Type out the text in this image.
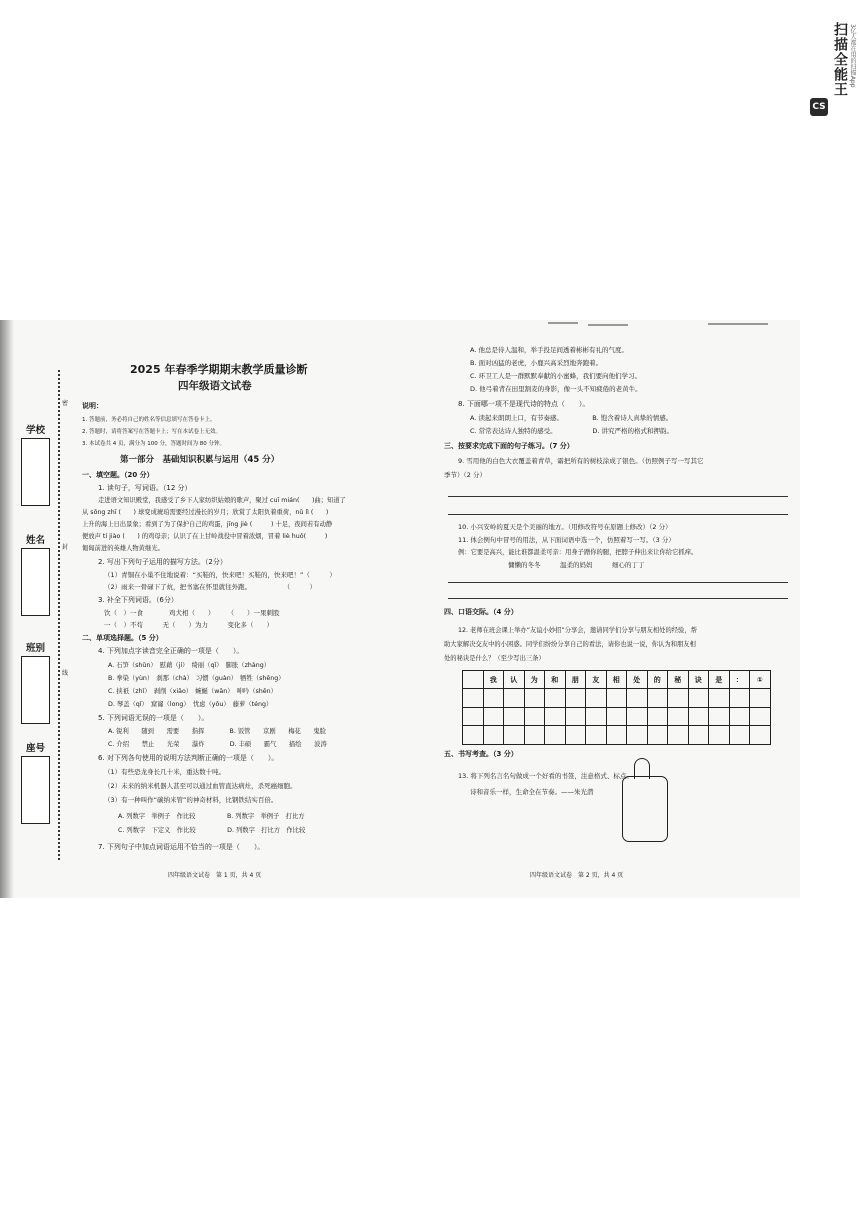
CS
扫描全能王 3亿人都在用的扫描App
密
封
线
学校
姓名
班别
座号
2025 年春季学期期末教学质量诊断
四年级语文试卷
说明：
1. 答题前，务必将自己的姓名等信息填写在答卷卡上。
2. 答题时，请将答案写在答题卡上；写在本试卷上无效。
3. 本试卷共 4 页，满分为 100 分，答题时间为 80 分钟。
第一部分　基础知识积累与运用（45 分）
一、填空题。（20 分）
1. 读句子，写词语。（12 分）
走进语文知识殿堂，我感受了乡下人家纺织姑娘的歌声，聚过 cuī mián(　　)曲；知道了
从 sōng zhī (　　) 球变成琥珀需要经过漫长的岁月；欣赏了太阳负着重荷，nǔ lì (　　)
上升的海上日出景象；看到了为了保护自己的鸡蛋，jīng jiè (　　　) 十足，夜间若有动静
便放声 tí jiào (　　) 的鸡母亲；认识了在上甘岭战役中冒着浓烟，冒着 liè huǒ(　　　)
匍匐前进的英雄人物黄继光。
2. 写出下列句子运用的描写方法。（2分）
（1）青铜在小巢不住地说着：“买鞋的，快来吧！买鞋的，快来吧！”（　　　）
（2）雨来一骨碌下了炕，把书塞在怀里就往外跑。　　　　　　（　　　）
3. 补全下列词语。（6分）
饮（　）⼀食　　　　鸡犬相（　　）　　　（　　）⼀果刺股
⼀（　）不苟　　　无（　　）为力　　　变化多（　　）
二、单项选择题。（5 分）
4. 下列加点字读音完全正确的一项是（　　）。
A. 石笋（shǔn）　慰藉（jí）　绮丽（qǐ）　膨胀（zhàng）
B. 拳染（yùn）　刹那（chà）　习惯（guàn）　牺牲（shēng）
C. 挟祇（zhǐ）　剥削（xiāo）　蜿蜒（wān）　呻吟（shēn）
D. 琴盖（qǐ）　窟窿（long）　忧虑（yōu）　藤萝（téng）
5. 下列词语无误的一项是（　　）。
A. 锐利　　随到　　需要　　指挥　　　　B. 饭管　　京剧　　梅花　　鬼脸
C. 介绍　　禁止　　光荣　　瀑炸　　　　D. 丰硕　　霸气　　描绘　　波涛
6. 对下列各句使用的说明方法判断正确的一项是（　　）。
（1）有些恐龙身长几十米，重达数十吨。
（2）未来的纳米机器人甚至可以通过血管直达病灶，杀死癌细胞。
（3）有一种叫作“碳纳米管”的神奇材料，比钢铁结实百倍。
A. 列数字　举例子　作比较　　　　　B. 列数字　举例子　打比方
C. 列数字　下定义　作比较　　　　　D. 列数字　打比方　作比较
7. 下列句子中加点词语运用不恰当的一项是（　　）。
四年级语文试卷　第 1 页，共 4 页
A. 他总是待人温和，举手投足间透着彬彬有礼的气度。
B. 面对凶猛的老虎，小鹿兴高采烈地奔跑着。
C. 环卫工人是一群默默奉献的小蜜蜂，我们要向他们学习。
D. 他弓着背在田里割麦的身影，像一头不知疲倦的老黄牛。
8. 下面哪一项不是现代诗的特点（　　）。
A. 读起来朗朗上口，有节奏感。　　　　　B. 饱含着诗人真挚的情感。
C. 常常表达诗人独特的感受。　　　　　　D. 讲究严格的格式和押韵。
三、按要求完成下面的句子练习。（7 分）
9. 雪用他的白色大衣覆盖着青草，霜把所有的树枝涂成了银色。（仿照例子写一写其它
季节）（2 分）
10. 小兴安岭的夏天是个美丽的地方。（用修改符号在原题上修改）（2 分）
11. 体会例句中冒号的用法，从下面词语中选一个，仿照着写一写。（3 分）
例：它要是高兴，能比谁都温柔可亲：用身子蹭你的腿，把脖子伸出来让你给它抓痒。
慵懒的冬冬　　　温柔的妈妈　　　细心的丁丁
四、口语交际。（4 分）
12. 老师在班会课上举办“友谊小妙招”分享会，邀请同学们分享与朋友相处的经验，帮
助大家解决交友中的小困惑。同学们纷纷分享自己的看法，请你也说一说，你认为和朋友相
处的秘诀是什么？（至少写出三条）
	我	认	为	和	朋	友	相	处	的	秘	诀	是	：	①

五、书写考查。（3 分）
13. 将下列名言名句做成一个好看的书签，注意格式、标点。
诗和音乐一样，生命全在节奏。——朱光潜
四年级语文试卷　第 2 页，共 4 页
